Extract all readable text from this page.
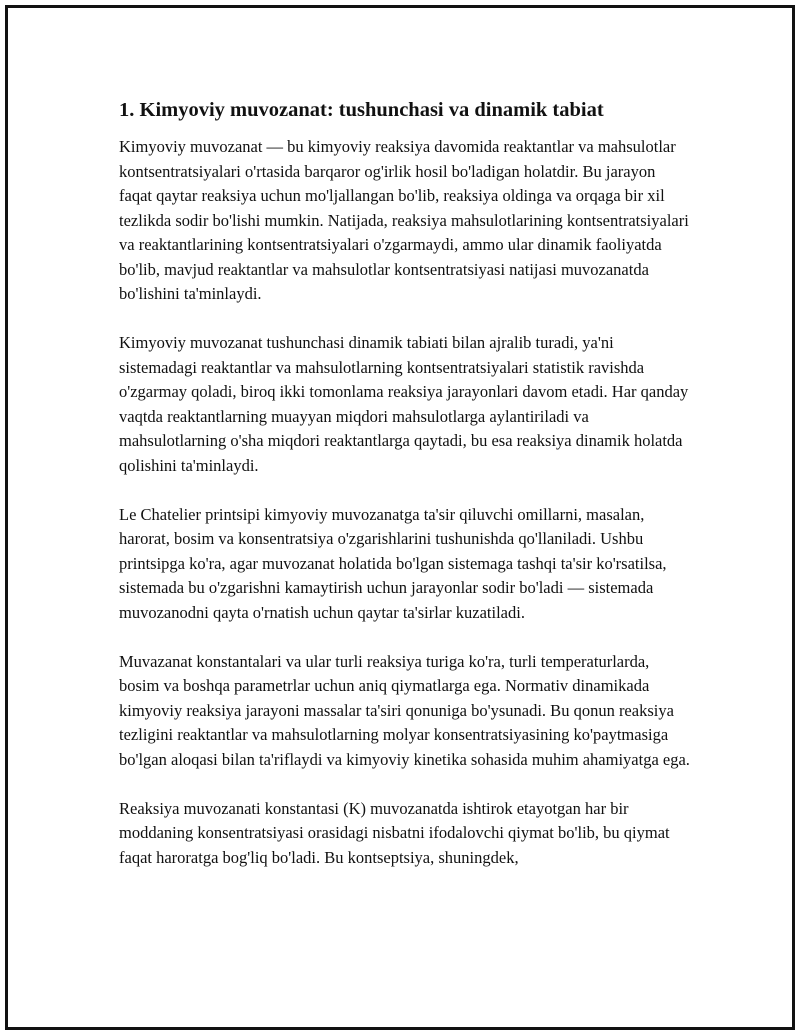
1. Kimyoviy muvozanat: tushunchasi va dinamik tabiat

Kimyoviy muvozanat — bu kimyoviy reaksiya davomida reaktantlar va mahsulotlar kontsentratsiyalari o'rtasida barqaror og'irlik hosil bo'ladigan holatdir. Bu jarayon faqat qaytar reaksiya uchun mo'ljallangan bo'lib, reaksiya oldinga va orqaga bir xil tezlikda sodir bo'lishi mumkin. Natijada, reaksiya mahsulotlarining kontsentratsiyalari va reaktantlarining kontsentratsiyalari o'zgarmaydi, ammo ular dinamik faoliyatda bo'lib, mavjud reaktantlar va mahsulotlar kontsentratsiyasi natijasi muvozanatda bo'lishini ta'minlaydi.

Kimyoviy muvozanat tushunchasi dinamik tabiati bilan ajralib turadi, ya'ni sistemadagi reaktantlar va mahsulotlarning kontsentratsiyalari statistik ravishda o'zgarmay qoladi, biroq ikki tomonlama reaksiya jarayonlari davom etadi. Har qanday vaqtda reaktantlarning muayyan miqdori mahsulotlarga aylantiriladi va mahsulotlarning o'sha miqdori reaktantlarga qaytadi, bu esa reaksiya dinamik holatda qolishini ta'minlaydi.

Le Chatelier printsipi kimyoviy muvozanatga ta'sir qiluvchi omillarni, masalan, harorat, bosim va konsentratsiya o'zgarishlarini tushunishda qo'llaniladi. Ushbu printsipga ko'ra, agar muvozanat holatida bo'lgan sistemaga tashqi ta'sir ko'rsatilsa, sistemada bu o'zgarishni kamaytirish uchun jarayonlar sodir bo'ladi — sistemada muvozanodni qayta o'rnatish uchun qaytar ta'sirlar kuzatiladi.

Muvazanat konstantalari va ular turli reaksiya turiga ko'ra, turli temperaturlarda, bosim va boshqa parametrlar uchun aniq qiymatlarga ega. Normativ dinamikada kimyoviy reaksiya jarayoni massalar ta'siri qonuniga bo'ysunadi. Bu qonun reaksiya tezligini reaktantlar va mahsulotlarning molyar konsentratsiyasining ko'paytmasiga bo'lgan aloqasi bilan ta'riflaydi va kimyoviy kinetika sohasida muhim ahamiyatga ega.

Reaksiya muvozanati konstantasi (K) muvozanatda ishtirok etayotgan har bir moddaning konsentratsiyasi orasidagi nisbatni ifodalovchi qiymat bo'lib, bu qiymat faqat haroratga bog'liq bo'ladi. Bu kontseptsiya, shuningdek,
